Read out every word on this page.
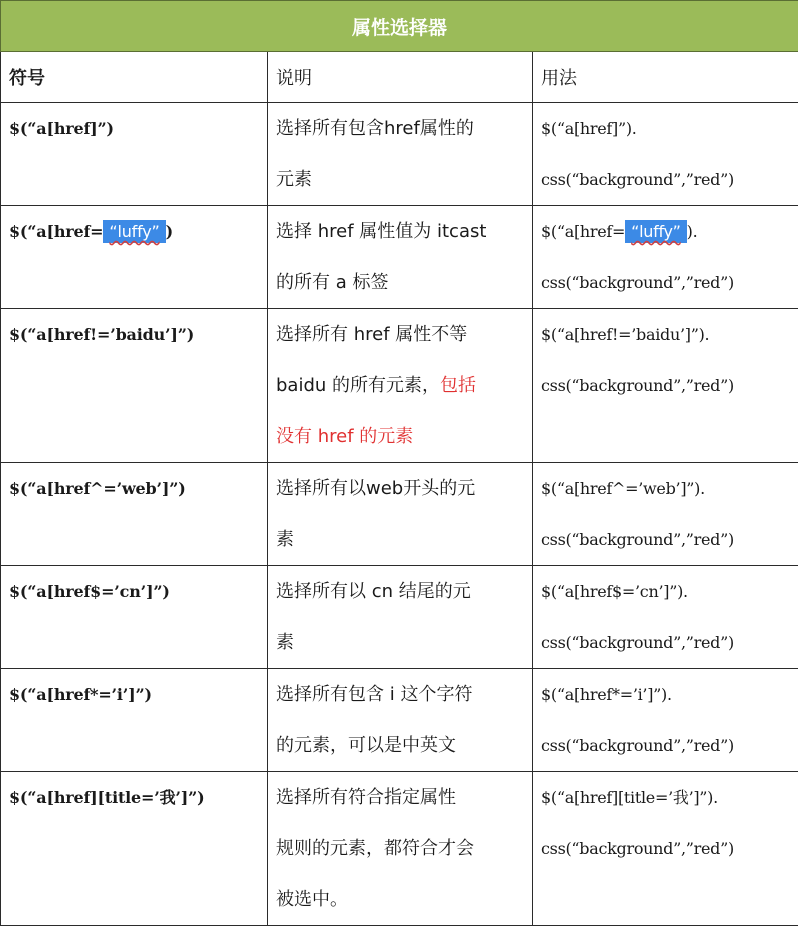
属性选择器		
符号	说明	用法
$(“a[href]”)	选择所有包含href属性的
元素	$(“a[href]”).
css(“background”,”red”)

$(“a[href= “luffy” )	选择 href 属性值为 itcast
的所有 a 标签	$(“a[href= “luffy” ).
css(“background”,”red”)

$(“a[href!=’baidu’]”)	选择所有 href 属性不等
baidu 的所有元素，包括
没有 href 的元素	$(“a[href!=’baidu’]”).
css(“background”,”red”)

$(“a[href^=’web’]”)	选择所有以web开头的元
素	$(“a[href^=’web’]”).
css(“background”,”red”)

$(“a[href$=’cn’]”)	选择所有以 cn 结尾的元
素	$(“a[href$=’cn’]”).
css(“background”,”red”)

$(“a[href*=’i’]”)	选择所有包含 i 这个字符
的元素，可以是中英文	$(“a[href*=’i’]”).
css(“background”,”red”)

$(“a[href][title=’我’]”)	选择所有符合指定属性
规则的元素，都符合才会
被选中。	$(“a[href][title=’我’]”).
css(“background”,”red”)
